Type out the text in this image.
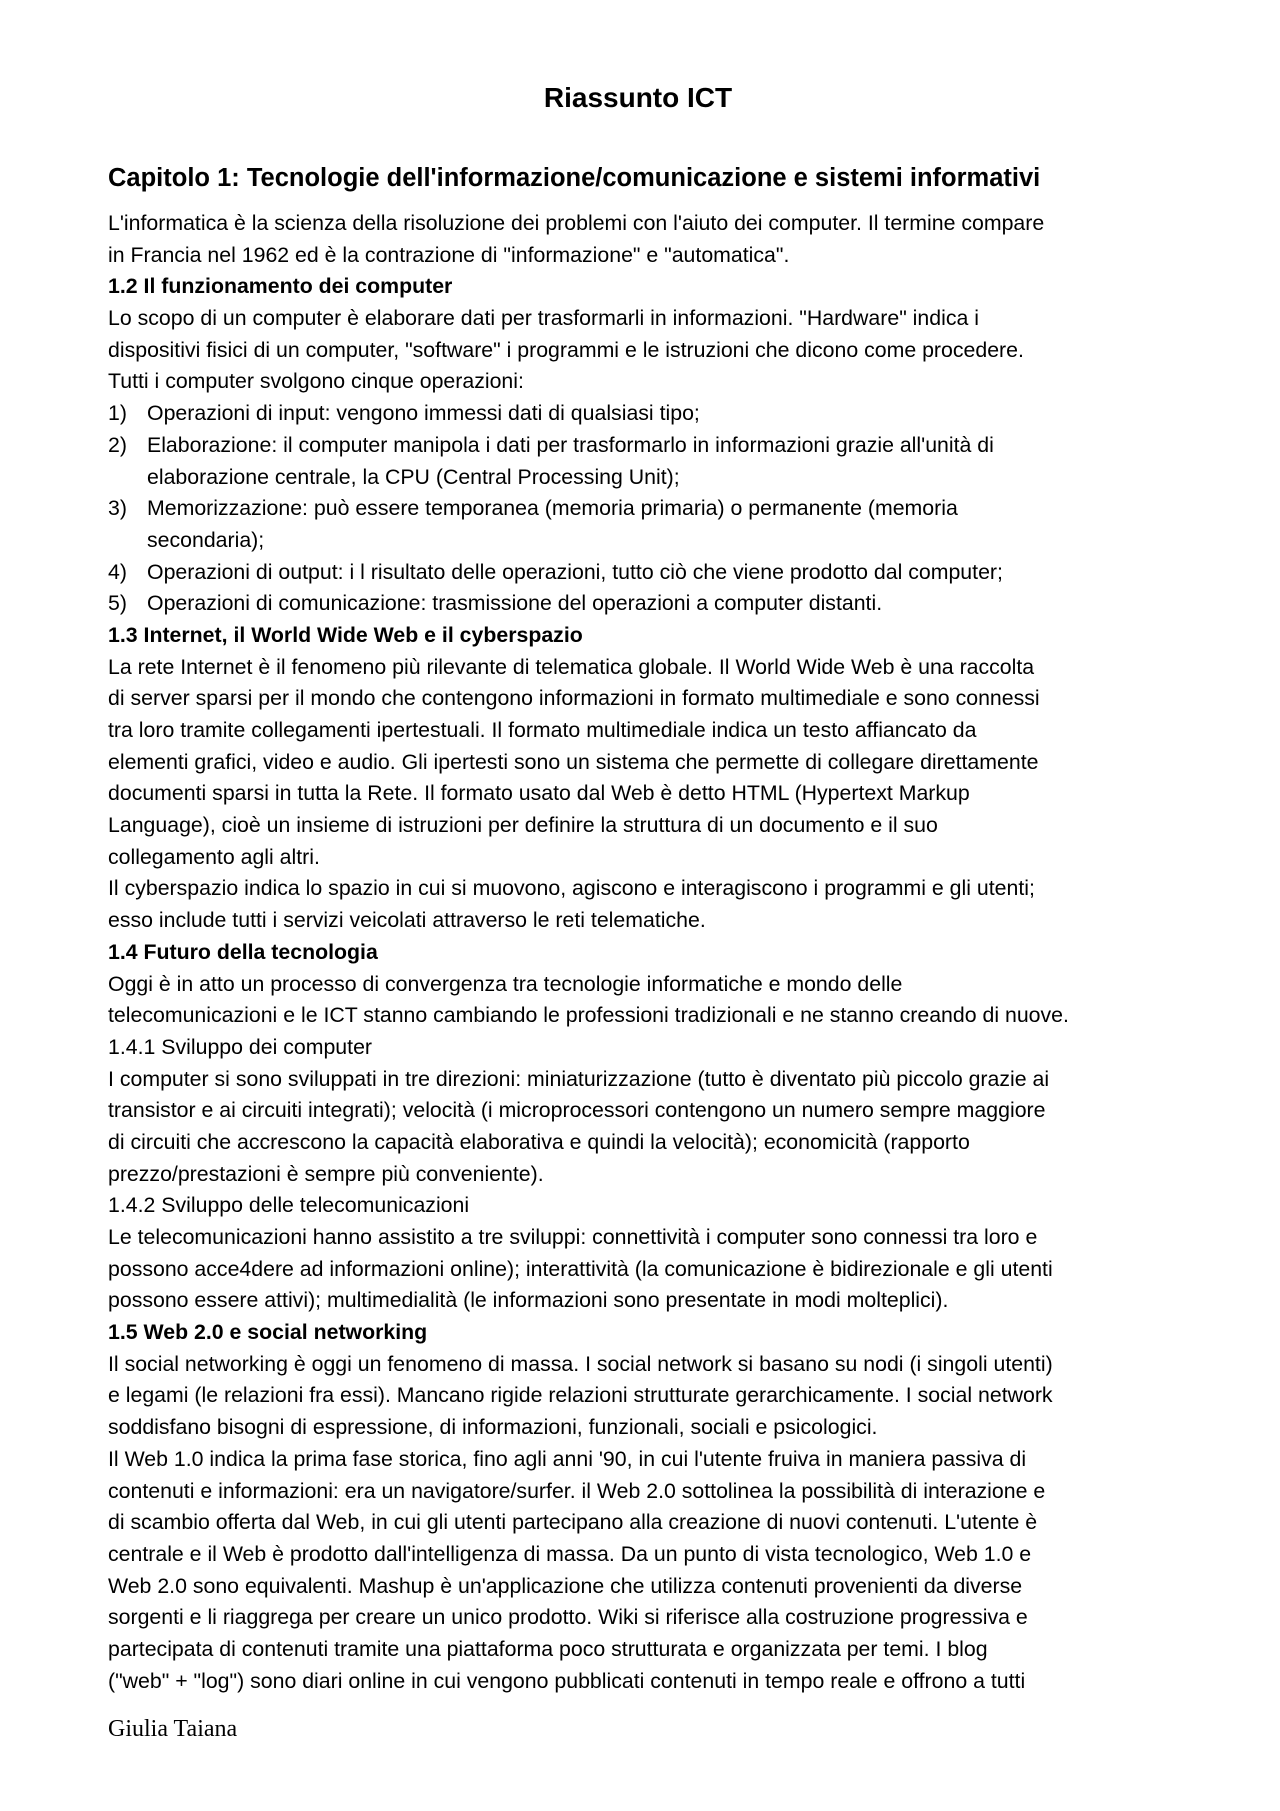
Riassunto ICT
Capitolo 1: Tecnologie dell'informazione/comunicazione e sistemi informativi
L'informatica è la scienza della risoluzione dei problemi con l'aiuto dei computer. Il termine compare
in Francia nel 1962 ed è la contrazione di "informazione" e "automatica".
1.2 Il funzionamento dei computer
Lo scopo di un computer è elaborare dati per trasformarli in informazioni. "Hardware" indica i
dispositivi fisici di un computer, "software" i programmi e le istruzioni che dicono come procedere.
Tutti i computer svolgono cinque operazioni:
1) Operazioni di input: vengono immessi dati di qualsiasi tipo;
2) Elaborazione: il computer manipola i dati per trasformarlo in informazioni grazie all'unità di
elaborazione centrale, la CPU (Central Processing Unit);
3) Memorizzazione: può essere temporanea (memoria primaria) o permanente (memoria
secondaria);
4) Operazioni di output: i l risultato delle operazioni, tutto ciò che viene prodotto dal computer;
5) Operazioni di comunicazione: trasmissione del operazioni a computer distanti.
1.3 Internet, il World Wide Web e il cyberspazio
La rete Internet è il fenomeno più rilevante di telematica globale. Il World Wide Web è una raccolta
di server sparsi per il mondo che contengono informazioni in formato multimediale e sono connessi
tra loro tramite collegamenti ipertestuali. Il formato multimediale indica un testo affiancato da
elementi grafici, video e audio. Gli ipertesti sono un sistema che permette di collegare direttamente
documenti sparsi in tutta la Rete. Il formato usato dal Web è detto HTML (Hypertext Markup
Language), cioè un insieme di istruzioni per definire la struttura di un documento e il suo
collegamento agli altri.
Il cyberspazio indica lo spazio in cui si muovono, agiscono e interagiscono i programmi e gli utenti;
esso include tutti i servizi veicolati attraverso le reti telematiche.
1.4 Futuro della tecnologia
Oggi è in atto un processo di convergenza tra tecnologie informatiche e mondo delle
telecomunicazioni e le ICT stanno cambiando le professioni tradizionali e ne stanno creando di nuove.
1.4.1 Sviluppo dei computer
I computer si sono sviluppati in tre direzioni: miniaturizzazione (tutto è diventato più piccolo grazie ai
transistor e ai circuiti integrati); velocità (i microprocessori contengono un numero sempre maggiore
di circuiti che accrescono la capacità elaborativa e quindi la velocità); economicità (rapporto
prezzo/prestazioni è sempre più conveniente).
1.4.2 Sviluppo delle telecomunicazioni
Le telecomunicazioni hanno assistito a tre sviluppi: connettività i computer sono connessi tra loro e
possono acce4dere ad informazioni online); interattività (la comunicazione è bidirezionale e gli utenti
possono essere attivi); multimedialità (le informazioni sono presentate in modi molteplici).
1.5 Web 2.0 e social networking
Il social networking è oggi un fenomeno di massa. I social network si basano su nodi (i singoli utenti)
e legami (le relazioni fra essi). Mancano rigide relazioni strutturate gerarchicamente. I social network
soddisfano bisogni di espressione, di informazioni, funzionali, sociali e psicologici.
Il Web 1.0 indica la prima fase storica, fino agli anni '90, in cui l'utente fruiva in maniera passiva di
contenuti e informazioni: era un navigatore/surfer. il Web 2.0 sottolinea la possibilità di interazione e
di scambio offerta dal Web, in cui gli utenti partecipano alla creazione di nuovi contenuti. L'utente è
centrale e il Web è prodotto dall'intelligenza di massa. Da un punto di vista tecnologico, Web 1.0 e
Web 2.0 sono equivalenti. Mashup è un'applicazione che utilizza contenuti provenienti da diverse
sorgenti e li riaggrega per creare un unico prodotto. Wiki si riferisce alla costruzione progressiva e
partecipata di contenuti tramite una piattaforma poco strutturata e organizzata per temi. I blog
("web" + "log") sono diari online in cui vengono pubblicati contenuti in tempo reale e offrono a tutti
Giulia Taiana
